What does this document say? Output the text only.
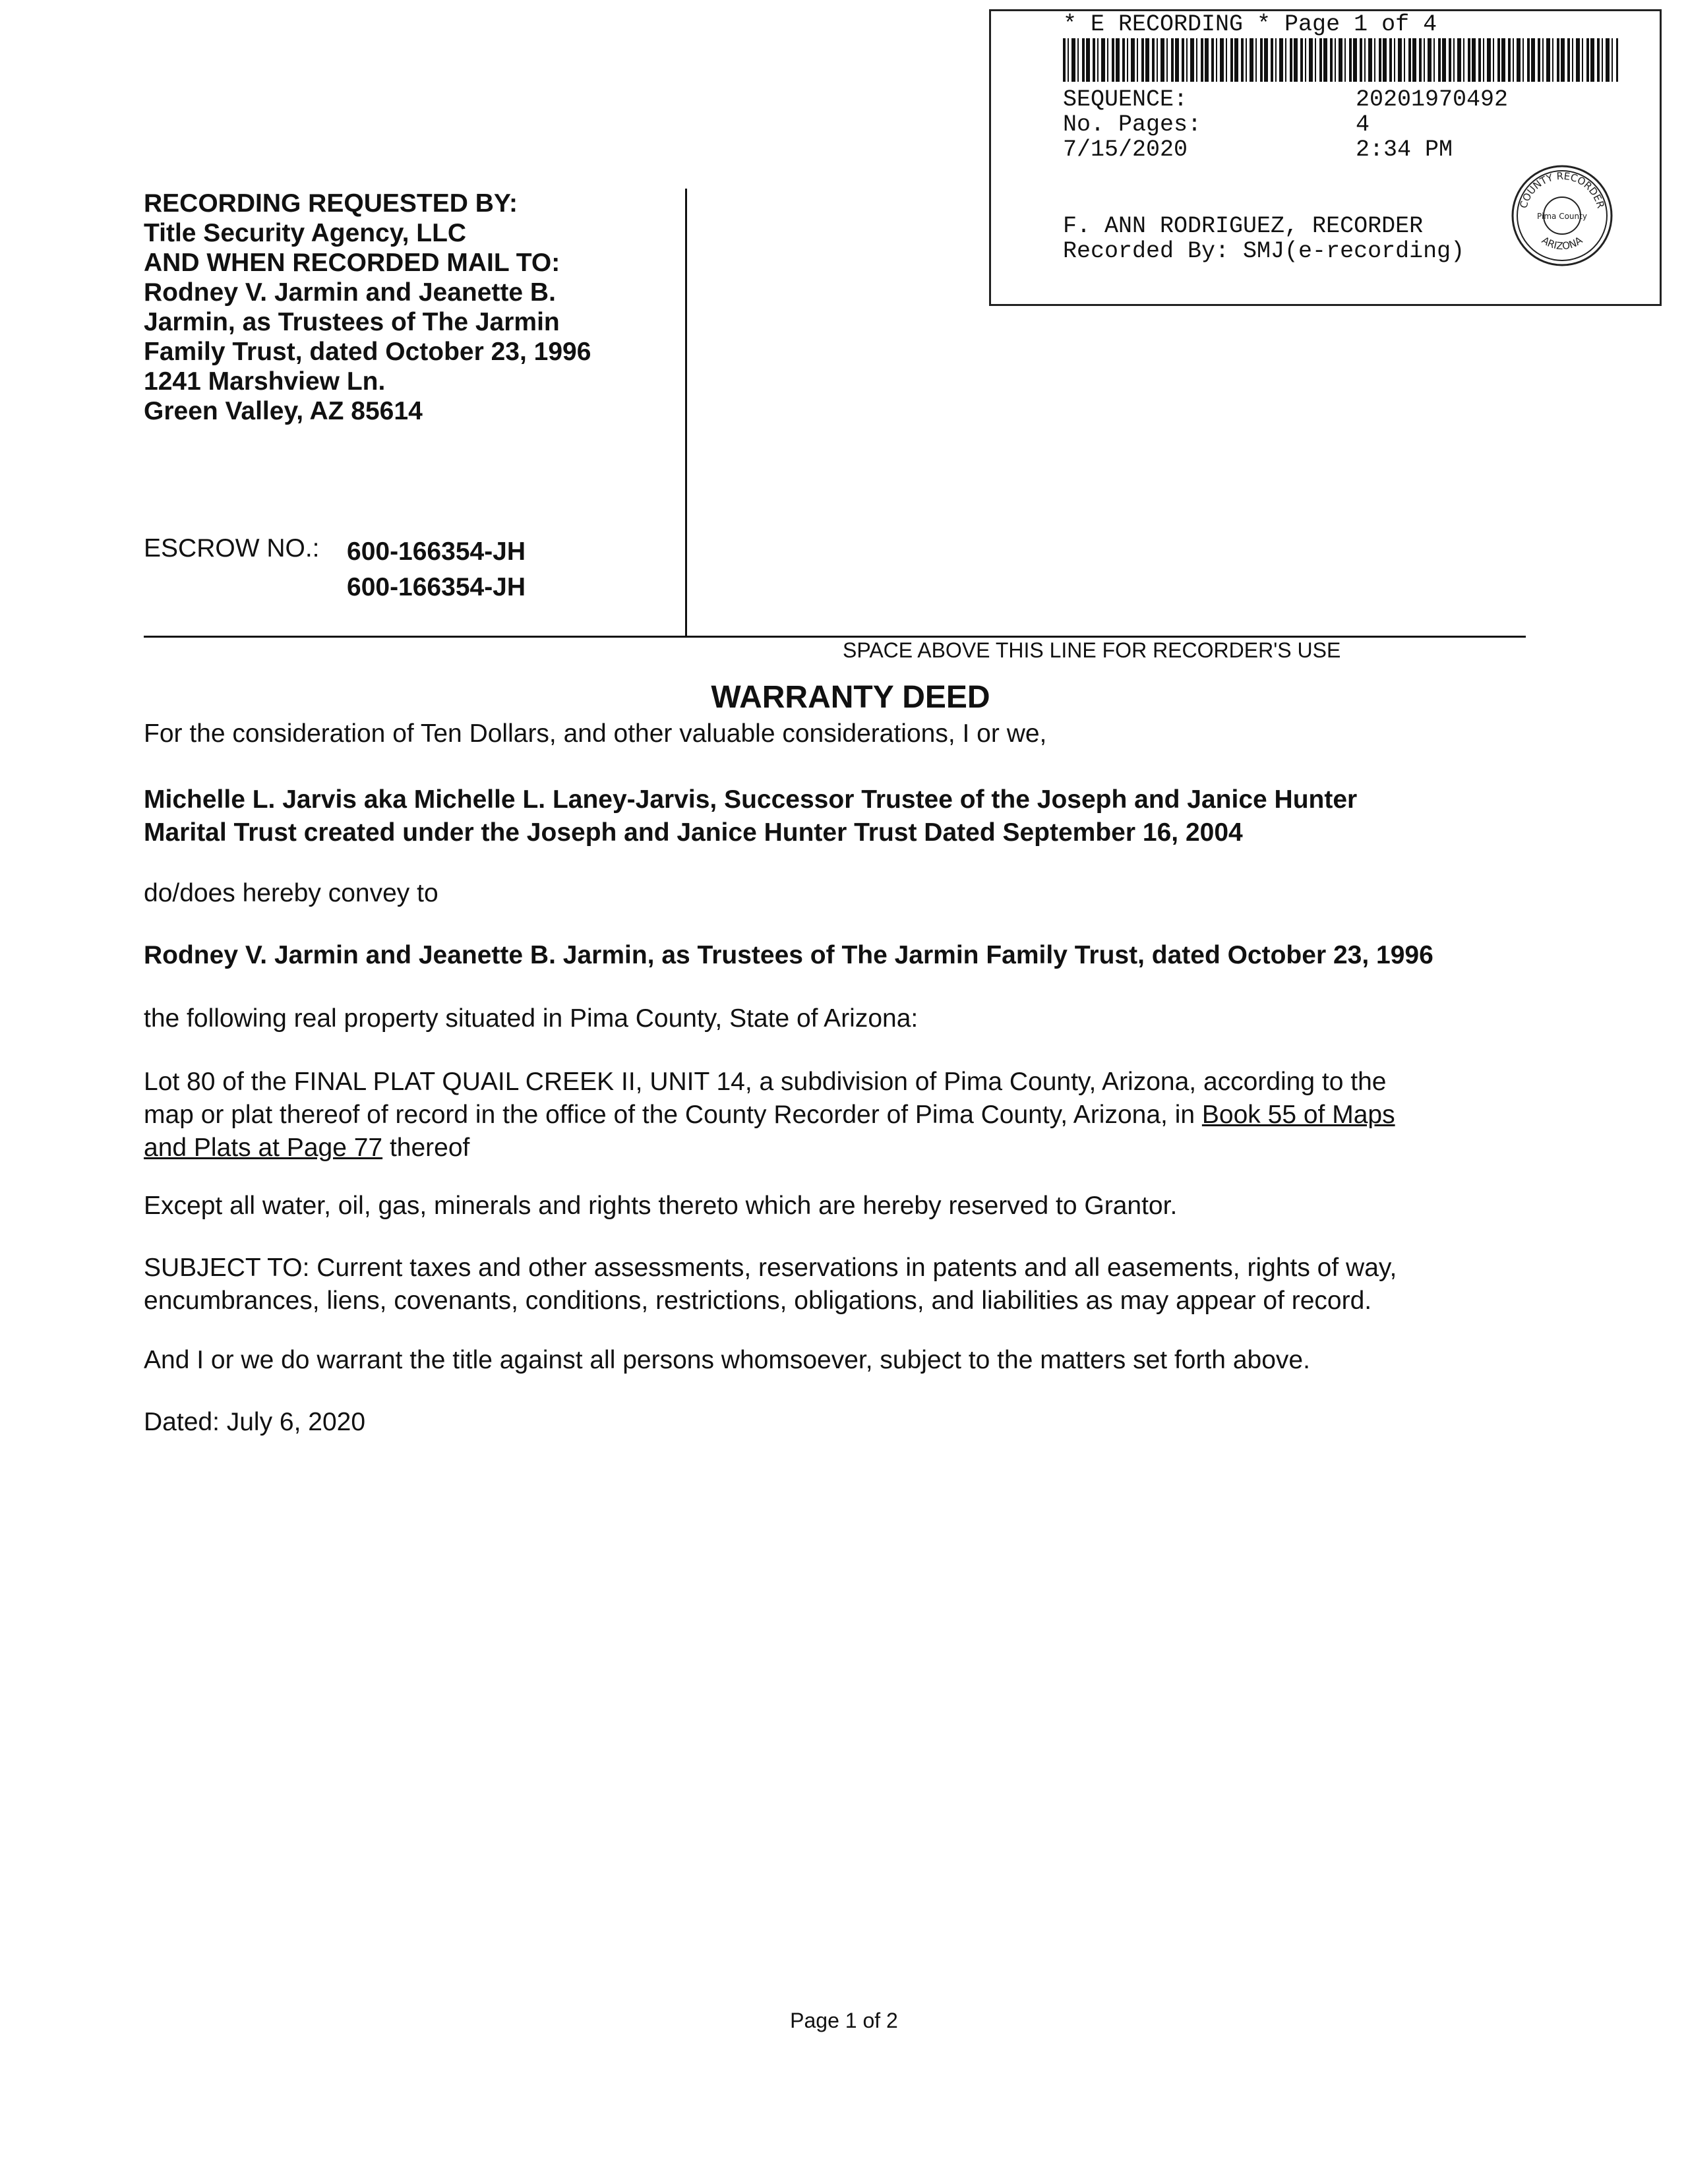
* E RECORDING * Page 1 of 4
SEQUENCE:	20201970492
No. Pages:	4
7/15/2020	2:34 PM
F. ANN RODRIGUEZ, RECORDER
Recorded By: SMJ(e-recording)
COUNTY RECORDER
Pima County
ARIZONA
RECORDING REQUESTED BY:
Title Security Agency, LLC
AND WHEN RECORDED MAIL TO:
Rodney V. Jarmin and Jeanette B.
Jarmin, as Trustees of The Jarmin
Family Trust, dated October 23, 1996
1241 Marshview Ln.
Green Valley, AZ 85614
ESCROW NO.: 600-166354-JH
600-166354-JH
SPACE ABOVE THIS LINE FOR RECORDER'S USE
WARRANTY DEED
For the consideration of Ten Dollars, and other valuable considerations, I or we,
Michelle L. Jarvis aka Michelle L. Laney-Jarvis, Successor Trustee of the Joseph and Janice Hunter
Marital Trust created under the Joseph and Janice Hunter Trust Dated September 16, 2004
do/does hereby convey to
Rodney V. Jarmin and Jeanette B. Jarmin, as Trustees of The Jarmin Family Trust, dated October 23, 1996
the following real property situated in Pima County, State of Arizona:
Lot 80 of the FINAL PLAT QUAIL CREEK II, UNIT 14, a subdivision of Pima County, Arizona, according to the
map or plat thereof of record in the office of the County Recorder of Pima County, Arizona, in Book 55 of Maps
and Plats at Page 77 thereof
Except all water, oil, gas, minerals and rights thereto which are hereby reserved to Grantor.
SUBJECT TO: Current taxes and other assessments, reservations in patents and all easements, rights of way,
encumbrances, liens, covenants, conditions, restrictions, obligations, and liabilities as may appear of record.
And I or we do warrant the title against all persons whomsoever, subject to the matters set forth above.
Dated: July 6, 2020
Page 1 of 2
